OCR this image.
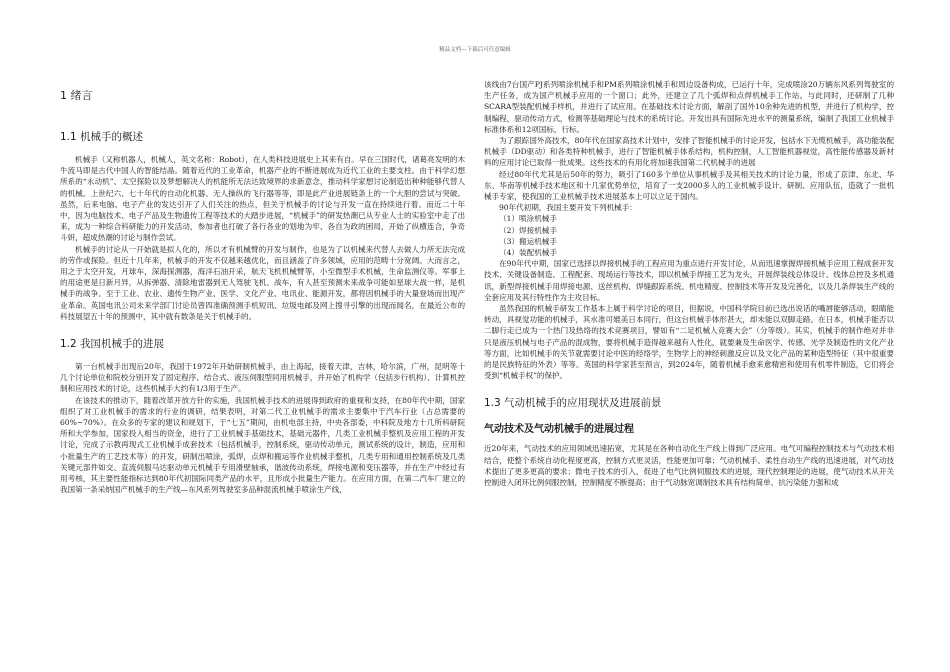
精品文档---下载后可任意编辑
1 绪言
1.1 机械手的概述

机械手（又称机器人，机械人，英文名称：Robot），在人类科技进展史上其来有自。早在三国时代，诸葛亮发明的木牛流马即是古代中国人的智能结晶。随着近代的工业革命，机器产业的不断进展成为近代工业的主要支柱。由于科学幻想所系的“永动机”、太空探险以及梦想解决人的机能所无法达致境界的求新意念，推动科学家想讨论制造出种种能够代替人的机械。上世纪六、七十年代的自动化机器、无人操纵的飞行器等等，即是此产业进展链条上的一个大胆的尝试与突破。虽然，后来电脑、电子产业的发达引开了人们关注的热点，但关于机械手的讨论与开发一直在持续进行着。而近二十年中，因为电脑技术、电子产品及生物遗传工程等技术的大踏步进展，“机械手”的研发热潮已从专业人士的实验室中走了出来，成为一种综合科研能力的开发活动，参加者也打破了各行各业的划地为牢、各自为政的困局，开始了纵横连合，争奇斗妍，超成热潮的讨论与制作尝试。

机械手的讨论从一开始就是拟人化的，所以才有机械臂的开发与制作，也是为了以机械来代替人去做人力所无法完成的劳作或探险。但近十几年来，机械手的开发不仅越来越优化，而且涵盖了许多领域，应用的范畴十分宽阔。大而言之，用之于太空开发，月球车，深海探测器，海洋石油开采，航天飞机机械臂等，小至微型手术机械，生命监测仪等。军事上的用途更是日新月异，从拆弹器、清除地雷器到无人驾驶飞机、战车，有人甚至预测未来战争可能如星球大战一样，是机械手的战争。至于工业、农业、遗传生物产业、医学、文化产业、电讯业、能源开发，都将因机械手的大量登场而出现产业革命。英国电讯公司未来学部门讨论员曾四准确预测手机短讯、垃圾电邮及网上搜寻引擎的出现而闻名，在最近公布的科技展望五十年的预测中，其中就有数条是关于机械手的。

1.2 我国机械手的进展

第一台机械手出现后20年，我国于1972年开始研制机械手，由上海起，接着天津，吉林，哈尔滨，广州，昆明等十几个讨论单位和院校分别开发了固定程序、结合式、液压伺服型同用机械手，并开始了机构学（包括步行机构）、计算机控制和应用技术的讨论，这些机械手大约有1/3用于生产。

在该技术的推动下，随着改革开放方针的实施，我国机械手技术的进展得到政府的重视和支持，在80年代中期，国家组织了对工业机械手的需求的行业的调研，结果表明，对第二代工业机械手的需求主要集中于汽车行业（占总需要的60%~70%）。在众多的专家的建议和规划下，于“七五”期间，由机电部主持，中央各部委，中科院及地方十几所科研院所和大学参加，国家投入相当的资金，进行了工业机械手基础技术，基础元器件，几类工业机械手整机及应用工程的开发讨论，完成了示教再现式工业机械手成套技术（包括机械手，控制系统，驱动传动单元，测试系统的设计，制造，应用和小批量生产的工艺技术等）的开发，研制出喷涂，弧焊，点焊和搬运等作业机械手整机，几类专用和通用控制系统及几类关键元部件如交、直流伺服马达驱动单元机械手专用滑壁轴承，谐波传动系统，焊接电源和变压器等，并在生产中经过有用考核，其主要性能指标达到80年代初国际同类产品的水平，且形成小批量生产能力。在应用方面，在第二汽车厂建立的我国第一条采纳国产机械手的生产线—东风系列驾驶室多品种混流机械手喷涂生产线，

该线由7台国产PJ系列喷涂机械手和PM系列喷涂机械手和周边设备构成，已运行十年，完成喷涂20万辆东风系列驾驶室的生产任务，成为国产机械手应用的一个窗口；此外，还建立了几个弧焊和点焊机械手工作站。与此同时，还研制了几种SCARA型装配机械手样机，并进行了试应用。在基础技术讨论方面，解剖了国外10余种先进的机型，并进行了机构学，控制编程，驱动传动方式，检测等基础理论与技术的系统讨论。开发出具有国际先进水平的测量系统，编制了我国工业机械手标准体系和12项国标，行标。

为了跟踪国外高技术，80年代在国家高技术计划中，安排了智能机械手的讨论开发，包括水下无缆机械手，高功能装配机械手（DD驱动）和各类特种机械手，进行了智能机械手体系结构，机构控制，人工智能机器视觉，高性能传感器及新材料的应用讨论已取得一批成果。这些技术的有用化将加速我国第二代机械手的进展

经过80年代尤其是后50年的努力，吸引了160多个单位从事机械手及其相关技术的讨论力量，形成了京津、东北、华东、华南等机械手技术地区和十几家优势单位，培育了一支2000多人的工业机械手设计、研制、应用队伍，造就了一批机械手专家，使我国的工业机械手技术进展基本上可以立足于国内。

90年代初期，我国主要开发下列机械手：

（1）喷涂机械手
（2）焊接机械手
（3）搬运机械手
（4）装配机械手

在90年代中期，国家已选择以焊接机械手的工程应用为重点进行开发讨论，从而迅速掌握焊接机械手应用工程成套开发技术、关键设备制造、工程配套、现场运行等技术，即以机械手焊接工艺为龙头，开展焊装线总体设计、线体总控及多机通讯，新型焊接机械手用焊接电源、送丝机构、焊缝跟踪系统、机电精度、控制技术等开发及完善化，以及几条焊装生产线的全套应用及其行特性作为主攻目标。

虽然我国的机械手研发工作基本上属于科学讨论的项目，但据说，中国科学院目前已选出说话的嘴唇能够活动，眼睛能转动，具视觉功能的机械手，其水准可媲美日本同行，但这台机械手体形甚大，却未能以双脚走路。在日本，机械手能否以二脚行走已成为一个热门及热络的技术竞赛项目，譬如有“二足机械人竞赛大会”（分等级）。其实，机械手的制作绝对并非只是液压机械与电子产品的混成物，要将机械手造得越来越有人性化，就要兼及生命医学、传感、光学及制造性的文化产业等方面，比如机械手的关节就需要讨论中医的经络学，生物学上的神经刺激反应以及文化产品的某种造型特征（其中很重要的是民族特征的外表）等等。英国的科学家甚至预言，到2024年，随着机械手愈来愈精密和使用有机零件制造，它们将会受到“机械手权”的保护。

1.3 气动机械手的应用现状及进展前景
气动技术及气动机械手的进展过程

近20年来，气动技术的应用领域迅速拓宽，尤其是在各种自动化生产线上得到广泛应用。电气可编程控制技术与气动技术相结合，使整个系统自动化程度更高，控制方式更灵活，性能更加可靠；气动机械手、柔性自动生产线的迅速进展，对气动技术提出了更多更高的要求；微电子技术的引入，促进了电气比例伺服技术的进展，现代控制理论的进展，使气动技术从开关控制进入闭环比例伺服控制，控制精度不断提高；由于气动脉宽调制技术具有结构简单、抗污染能力强和成
